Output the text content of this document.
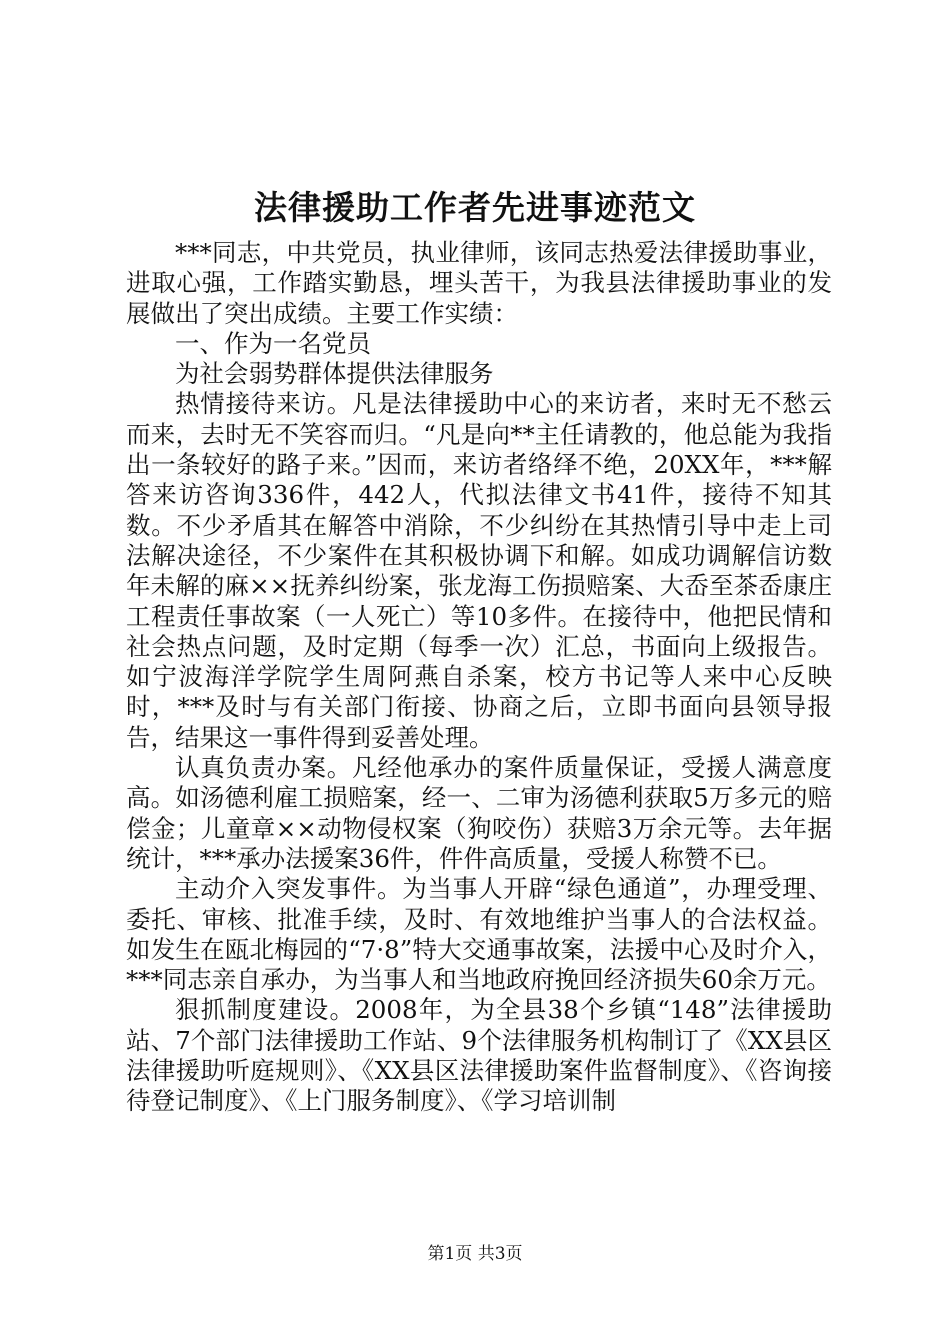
法律援助工作者先进事迹范文

***同志，中共党员，执业律师，该同志热爱法律援助事业，进取心强，工作踏实勤恳，埋头苦干，为我县法律援助事业的发展做出了突出成绩。主要工作实绩：

一、作为一名党员

为社会弱势群体提供法律服务

热情接待来访。凡是法律援助中心的来访者，来时无不愁云而来，去时无不笑容而归。“凡是向**主任请教的，他总能为我指出一条较好的路子来。”因而，来访者络绎不绝，20XX年，***解答来访咨询336件，442人，代拟法律文书41件，接待不知其数。不少矛盾其在解答中消除，不少纠纷在其热情引导中走上司法解决途径，不少案件在其积极协调下和解。如成功调解信访数年未解的麻××抚养纠纷案，张龙海工伤损赔案、大岙至茶岙康庄工程责任事故案（一人死亡）等10多件。在接待中，他把民情和社会热点问题，及时定期（每季一次）汇总，书面向上级报告。如宁波海洋学院学生周阿燕自杀案，校方书记等人来中心反映时，***及时与有关部门衔接、协商之后，立即书面向县领导报告，结果这一事件得到妥善处理。

认真负责办案。凡经他承办的案件质量保证，受援人满意度高。如汤德利雇工损赔案，经一、二审为汤德利获取5万多元的赔偿金；儿童章××动物侵权案（狗咬伤）获赔3万余元等。去年据统计，***承办法援案36件，件件高质量，受援人称赞不已。

主动介入突发事件。为当事人开辟“绿色通道”，办理受理、委托、审核、批准手续，及时、有效地维护当事人的合法权益。如发生在瓯北梅园的“7·8”特大交通事故案，法援中心及时介入，***同志亲自承办，为当事人和当地政府挽回经济损失60余万元。

狠抓制度建设。2008年，为全县38个乡镇“148”法律援助站、7个部门法律援助工作站、9个法律服务机构制订了《XX县区法律援助听庭规则》、《XX县区法律援助案件监督制度》、《咨询接待登记制度》、《上门服务制度》、《学习培训制

第1页 共3页
